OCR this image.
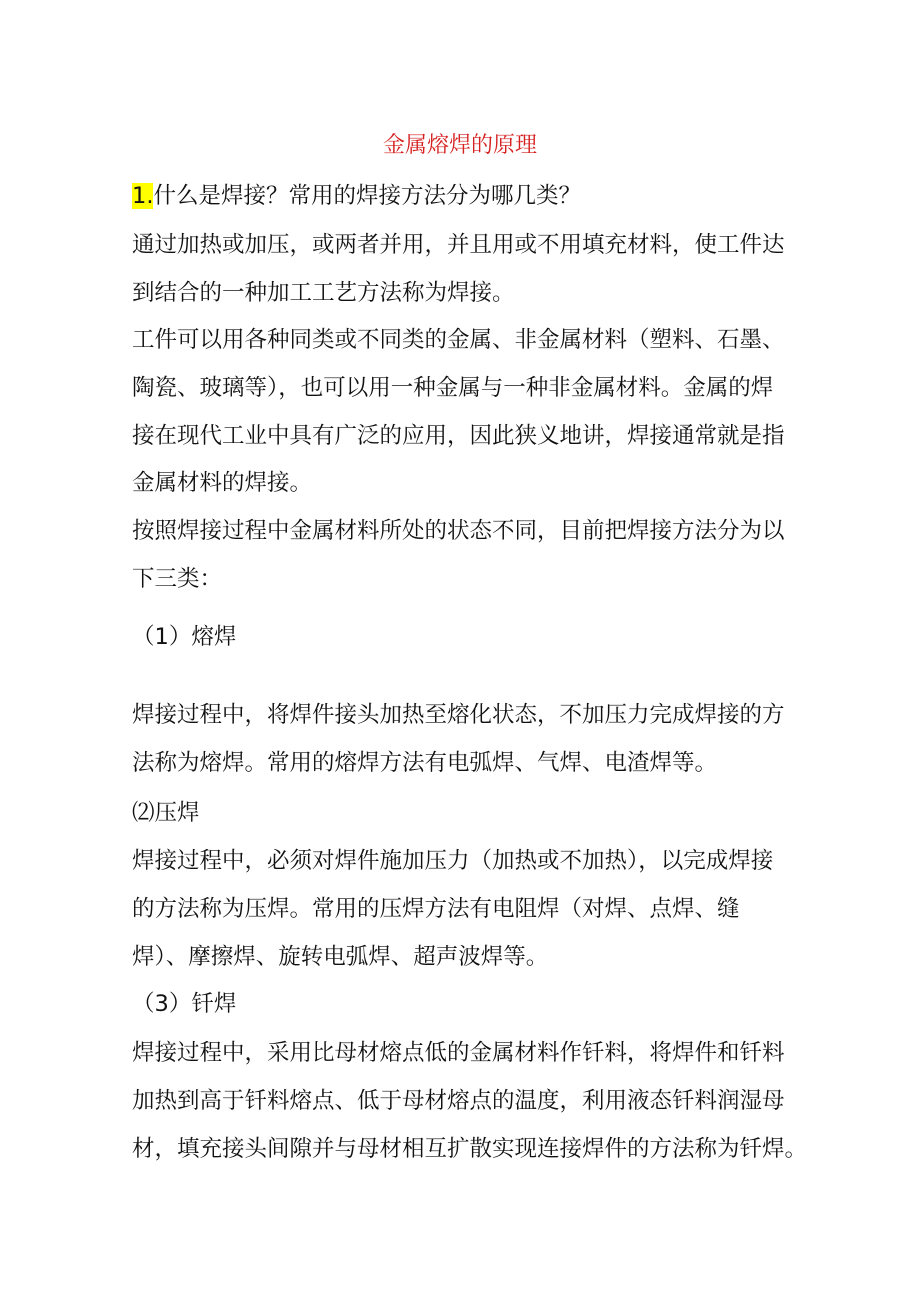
金属熔焊的原理
1.什么是焊接？常用的焊接方法分为哪几类？
通过加热或加压，或两者并用，并且用或不用填充材料，使工件达
到结合的一种加工工艺方法称为焊接。
工件可以用各种同类或不同类的金属、非金属材料（塑料、石墨、
陶瓷、玻璃等），也可以用一种金属与一种非金属材料。金属的焊
接在现代工业中具有广泛的应用，因此狭义地讲，焊接通常就是指
金属材料的焊接。
按照焊接过程中金属材料所处的状态不同，目前把焊接方法分为以
下三类：
（1）熔焊
焊接过程中，将焊件接头加热至熔化状态，不加压力完成焊接的方
法称为熔焊。常用的熔焊方法有电弧焊、气焊、电渣焊等。
⑵压焊
焊接过程中，必须对焊件施加压力（加热或不加热），以完成焊接
的方法称为压焊。常用的压焊方法有电阻焊（对焊、点焊、缝
焊）、摩擦焊、旋转电弧焊、超声波焊等。
（3）钎焊
焊接过程中，采用比母材熔点低的金属材料作钎料，将焊件和钎料
加热到高于钎料熔点、低于母材熔点的温度，利用液态钎料润湿母
材，填充接头间隙并与母材相互扩散实现连接焊件的方法称为钎焊。
